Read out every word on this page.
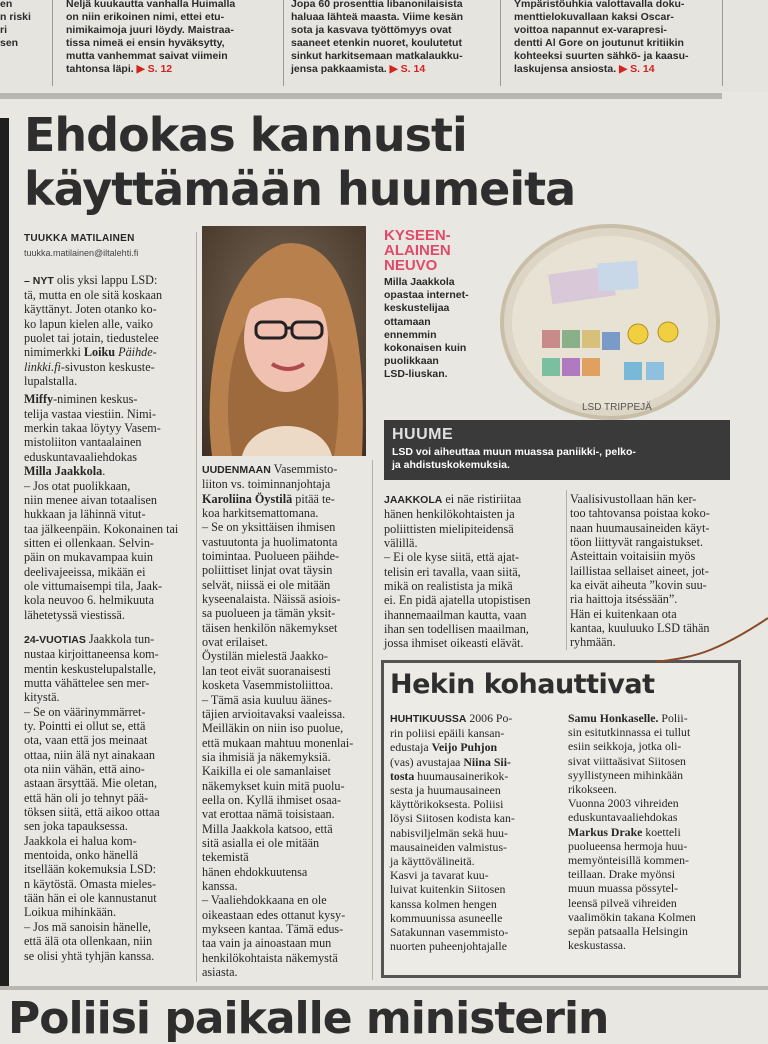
en
n riski
ri
sen
Neljä kuukautta vanhalla Huimalla
on niin erikoinen nimi, ettei etu-
nimikaimoja juuri löydy. Maistraa-
tissa nimeä ei ensin hyväksytty,
mutta vanhemmat saivat viimein
tahtonsa läpi. ▶ S. 12
Jopa 60 prosenttia libanonilaisista
haluaa lähteä maasta. Viime kesän
sota ja kasvava työttömyys ovat
saaneet etenkin nuoret, koulutetut
sinkut harkitsemaan matkalaukku-
jensa pakkaamista. ▶ S. 14
Ympäristöuhkia valottavalla doku-
menttielokuvallaan kaksi Oscar-
voittoa napannut ex-varapresi-
dentti Al Gore on joutunut kritiikin
kohteeksi suurten sähkö- ja kaasu-
laskujensa ansiosta. ▶ S. 14
Ehdokas kannusti
käyttämään huumeita
TUUKKA MATILAINEN
tuukka.matilainen@iltalehti.fi
– NYT olis yksi lappu LSD:
tä, mutta en ole sitä koskaan
käyttänyt. Joten otanko ko-
ko lapun kielen alle, vaiko
puolet tai jotain, tiedustelee
nimimerkki Loiku Päihde-
linkki.fi-sivuston keskuste-
lupalstalla.
Miffy-niminen keskus-
telija vastaa viestiin. Nimi-
merkin takaa löytyy Vasem-
mistoliiton vantaalainen
eduskuntavaaliehdokas
Milla Jaakkola.
– Jos otat puolikkaan,
niin menee aivan totaalisen
hukkaan ja lähinnä vitut-
taa jälkeenpäin. Kokonainen tai
sitten ei ollenkaan. Selvin-
päin on mukavampaa kuin
deelivajeeissa, mikään ei
ole vittumaisempi tila, Jaak-
kola neuvoo 6. helmikuuta
lähetetyssä viestissä.
24-VUOTIAS Jaakkola tun-
nustaa kirjoittaneensa kom-
mentin keskustelupalstalle,
mutta vähättelee sen mer-
kitystä.
– Se on väärinymmärret-
ty. Pointti ei ollut se, että
ota, vaan että jos meinaat
ottaa, niin älä nyt ainakaan
ota niin vähän, että aino-
astaan ärsyttää. Mie oletan,
että hän oli jo tehnyt pää-
töksen siitä, että aikoo ottaa
sen joka tapauksessa.
Jaakkola ei halua kom-
mentoida, onko hänellä
itsellään kokemuksia LSD:
n käytöstä. Omasta mieles-
tään hän ei ole kannustanut
Loikua mihinkään.
– Jos mä sanoisin hänelle,
että älä ota ollenkaan, niin
se olisi yhtä tyhjän kanssa.
UUDENMAAN Vasemmisto-
liiton vs. toiminnanjohtaja
Karoliina Öystilä pitää te-
koa harkitsemattomana.
– Se on yksittäisen ihmisen
vastuutonta ja huolimatonta
toimintaa. Puolueen päihde-
poliittiset linjat ovat täysin
selvät, niissä ei ole mitään
kyseenalaista. Näissä asiois-
sa puolueen ja tämän yksit-
täisen henkilön näkemykset
ovat erilaiset.
Öystilän mielestä Jaakko-
lan teot eivät suoranaisesti
kosketa Vasemmistoliittoa.
– Tämä asia kuuluu äänes-
täjien arvioitavaksi vaaleissa.
Meilläkin on niin iso puolue,
että mukaan mahtuu monenlai-
sia ihmisiä ja näkemyksiä.
Kaikilla ei ole samanlaiset
näkemykset kuin mitä puolu-
eella on. Kyllä ihmiset osaa-
vat erottaa nämä toisistaan.
Milla Jaakkola katsoo, että
sitä asialla ei ole mitään tekemistä
hänen ehdokkuutensa
kanssa.
– Vaaliehdokkaana en ole
oikeastaan edes ottanut kysy-
mykseen kantaa. Tämä edus-
taa vain ja ainoastaan mun
henkilökohtaista näkemystä
asiasta.
KYSEEN-
ALAINEN
NEUVO
Milla Jaakkola
opastaa internet-
keskustelijaa
ottamaan
ennemmin
kokonaisen kuin
puolikkaan
LSD-liuskan.
LSD TRIPPEJÄ
HUUME
LSD voi aiheuttaa muun muassa paniikki-, pelko-
ja ahdistuskokemuksia.
JAAKKOLA ei näe ristiriitaa
hänen henkilökohtaisten ja
poliittisten mielipiteidensä
välillä.
– Ei ole kyse siitä, että ajat-
telisin eri tavalla, vaan siitä,
mikä on realistista ja mikä
ei. En pidä ajatella utopistisen
ihannemaailman kautta, vaan
ihan sen todellisen maailman,
jossa ihmiset oikeasti elävät.
Vaalisivustollaan hän ker-
too tahtovansa poistaa koko-
naan huumausaineiden käyt-
töon liittyvät rangaistukset.
Asteittain voitaisiin myös
laillistaa sellaiset aineet, jot-
ka eivät aiheuta ”kovin suu-
ria haittoja itséssään”.
Hän ei kuitenkaan ota
kantaa, kuuluuko LSD tähän
ryhmään.
Hekin kohauttivat
HUHTIKUUSSA 2006 Po-
rin poliisi epäili kansan-
edustaja Veijo Puhjon
(vas) avustajaa Niina Sii-
tosta huumausainerikok-
sesta ja huumausaineen
käyttörikoksesta. Poliisi
löysi Siitosen kodista kan-
nabisviljelmän sekä huu-
mausaineiden valmistus-
ja käyttövälineitä.
Kasvi ja tavarat kuu-
luivat kuitenkin Siitosen
kanssa kolmen hengen
kommuunissa asuneelle
Satakunnan vasemmisto-
nuorten puheenjohtajalle
Samu Honkaselle. Polii-
sin esitutkinnassa ei tullut
esiin seikkoja, jotka oli-
sivat viittaäsivat Siitosen
syyllistyneen mihinkään
rikokseen.
Vuonna 2003 vihreiden
eduskuntavaaliehdokas
Markus Drake koetteli
puolueensa hermoja huu-
memyönteisillä kommen-
teillaan. Drake myönsi
muun muassa pössytel-
leensä pilveä vihreiden
vaalimökin takana Kolmen
sepän patsaalla Helsingin
keskustassa.
Poliisi paikalle ministerin
